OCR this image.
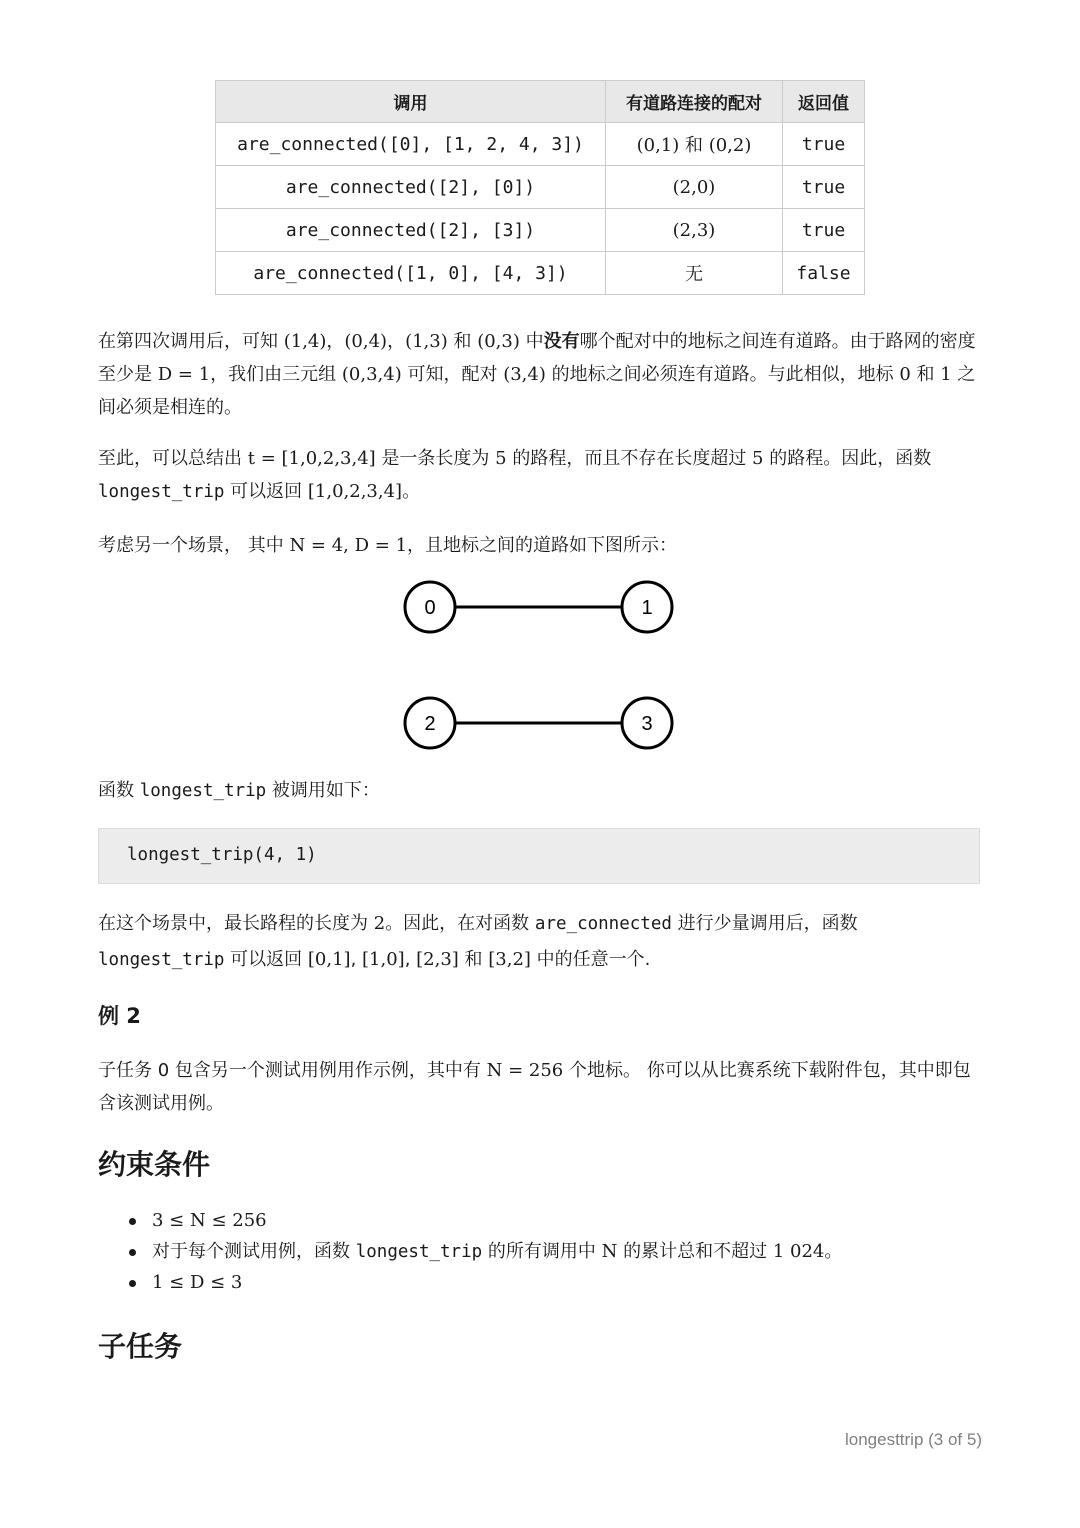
调用	有道路连接的配对	返回值
are_connected([0], [1, 2, 4, 3])	(0,1) 和 (0,2)	true
are_connected([2], [0])	(2,0)	true
are_connected([2], [3])	(2,3)	true
are_connected([1, 0], [4, 3])	无	false

在第四次调用后，可知 (1,4)，(0,4)，(1,3) 和 (0,3) 中没有哪个配对中的地标之间连有道路。由于路网的密度至少是 D = 1，我们由三元组 (0,3,4) 可知，配对 (3,4) 的地标之间必须连有道路。与此相似，地标 0 和 1 之间必须是相连的。

至此，可以总结出 t = [1,0,2,3,4] 是一条长度为 5 的路程，而且不存在长度超过 5 的路程。因此，函数 longest_trip 可以返回 [1,0,2,3,4]。

考虑另一个场景， 其中 N = 4, D = 1，且地标之间的道路如下图所示：

0	1
2	3

函数 longest_trip 被调用如下：

longest_trip(4, 1)

在这个场景中，最长路程的长度为 2。因此，在对函数 are_connected 进行少量调用后，函数 longest_trip 可以返回 [0,1], [1,0], [2,3] 和 [3,2] 中的任意一个.

例 2

子任务 0 包含另一个测试用例用作示例，其中有 N = 256 个地标。 你可以从比赛系统下载附件包，其中即包含该测试用例。

约束条件
3 ≤ N ≤ 256
对于每个测试用例，函数 longest_trip 的所有调用中 N 的累计总和不超过 1 024。
1 ≤ D ≤ 3
子任务
longesttrip (3 of 5)
